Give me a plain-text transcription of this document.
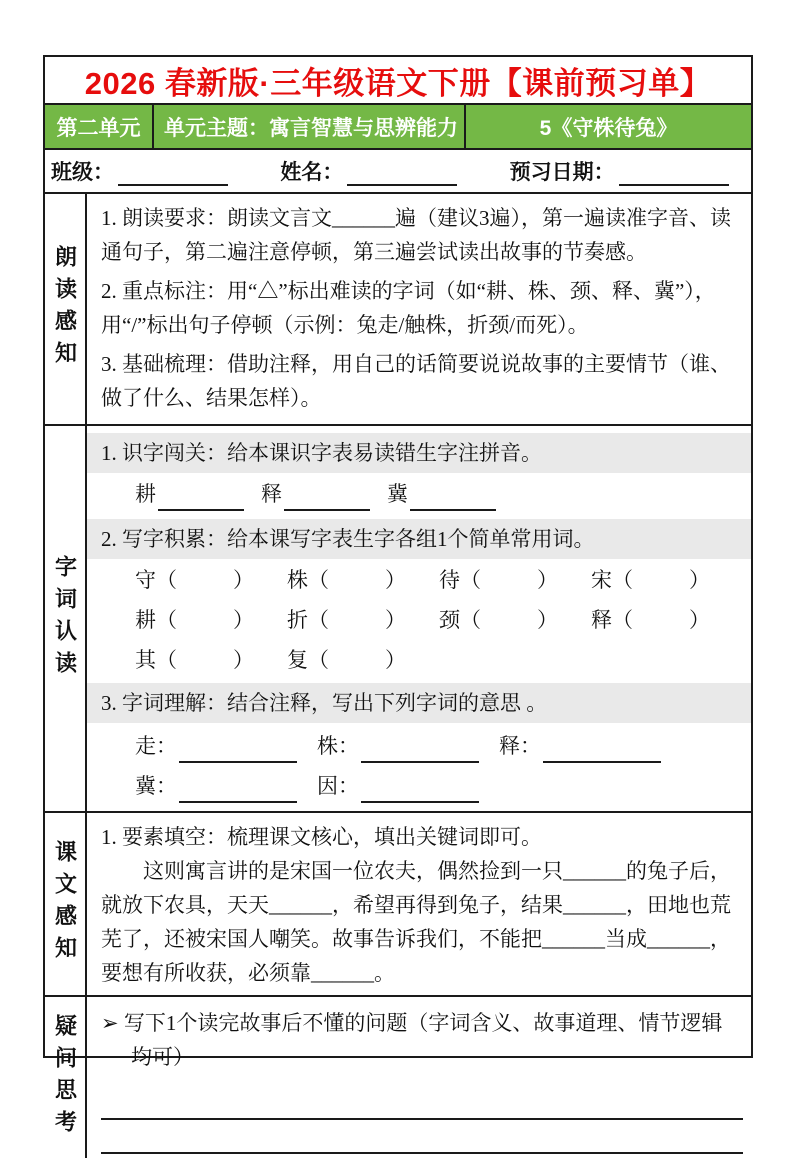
2026 春新版·三年级语文下册【课前预习单】
第二单元	单元主题：寓言智慧与思辨能力	5《守株待兔》
班级：	姓名：	预习日期：
朗读感知
1. 朗读要求：朗读文言文______遍（建议3遍），第一遍读准字音、读通句子，第二遍注意停顿，第三遍尝试读出故事的节奏感。
2. 重点标注：用“△”标出难读的字词（如“耕、株、颈、释、冀”），用“/”标出句子停顿（示例：兔走/触株，折颈/而死）。
3. 基础梳理：借助注释，用自己的话简要说说故事的主要情节（谁、做了什么、结果怎样）。
字词认读
1. 识字闯关：给本课识字表易读错生字注拼音。
耕	释	冀
2. 写字积累：给本课写字表生字各组1个简单常用词。
守 （	） 株 （	） 待 （	） 宋 （	）
耕 （	） 折 （	） 颈 （	） 释 （	）
其 （	） 复 （	）
3. 字词理解：结合注释，写出下列字词的意思 。
走 ：	株 ：	释 ：
冀 ：	因 ：
课文感知
1. 要素填空：梳理课文核心，填出关键词即可。
这则寓言讲的是宋国一位农夫，偶然捡到一只______的兔子后，就放下农具，天天______，希望再得到兔子，结果______，田地也荒芜了，还被宋国人嘲笑。故事告诉我们，不能把______当成______，要想有所收获，必须靠______。
疑问思考	➢ 写下1个读完故事后不懂的问题（字词含义、故事道理、情节逻辑均可）
